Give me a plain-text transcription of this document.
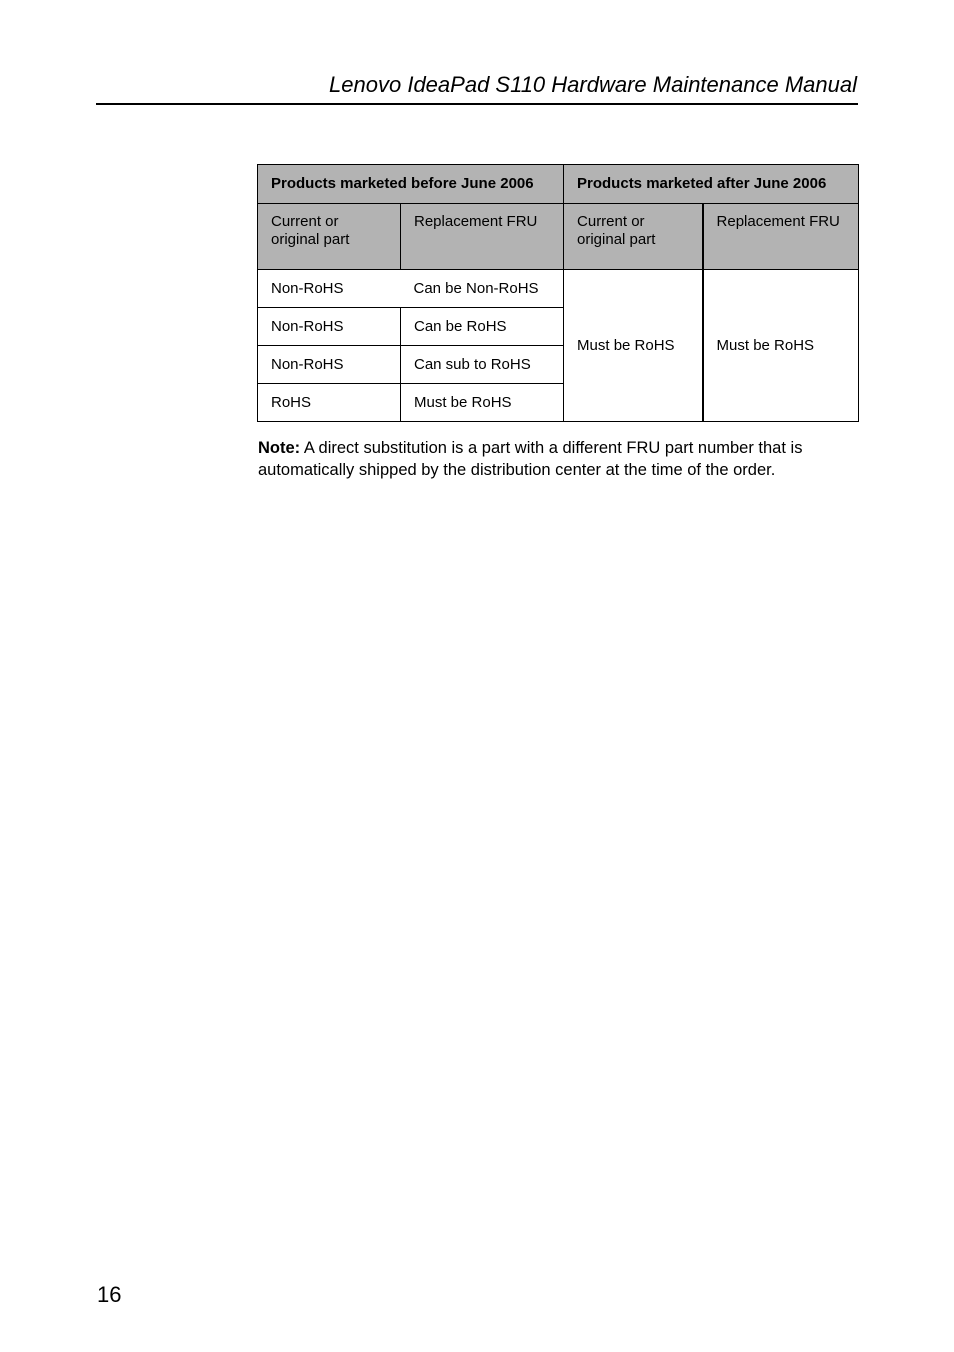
Lenovo IdeaPad S110 Hardware Maintenance Manual
Products marketed before June 2006		Products marketed after June 2006	
Current or original part	Replacement FRU	Current or original part	Replacement FRU
Non-RoHS	Can be Non-RoHS	Must be RoHS	Must be RoHS
Non-RoHS	Can be RoHS		
Non-RoHS	Can sub to RoHS		
RoHS	Must be RoHS		
Note: A direct substitution is a part with a different FRU part number that is automatically shipped by the distribution center at the time of the order.
16
